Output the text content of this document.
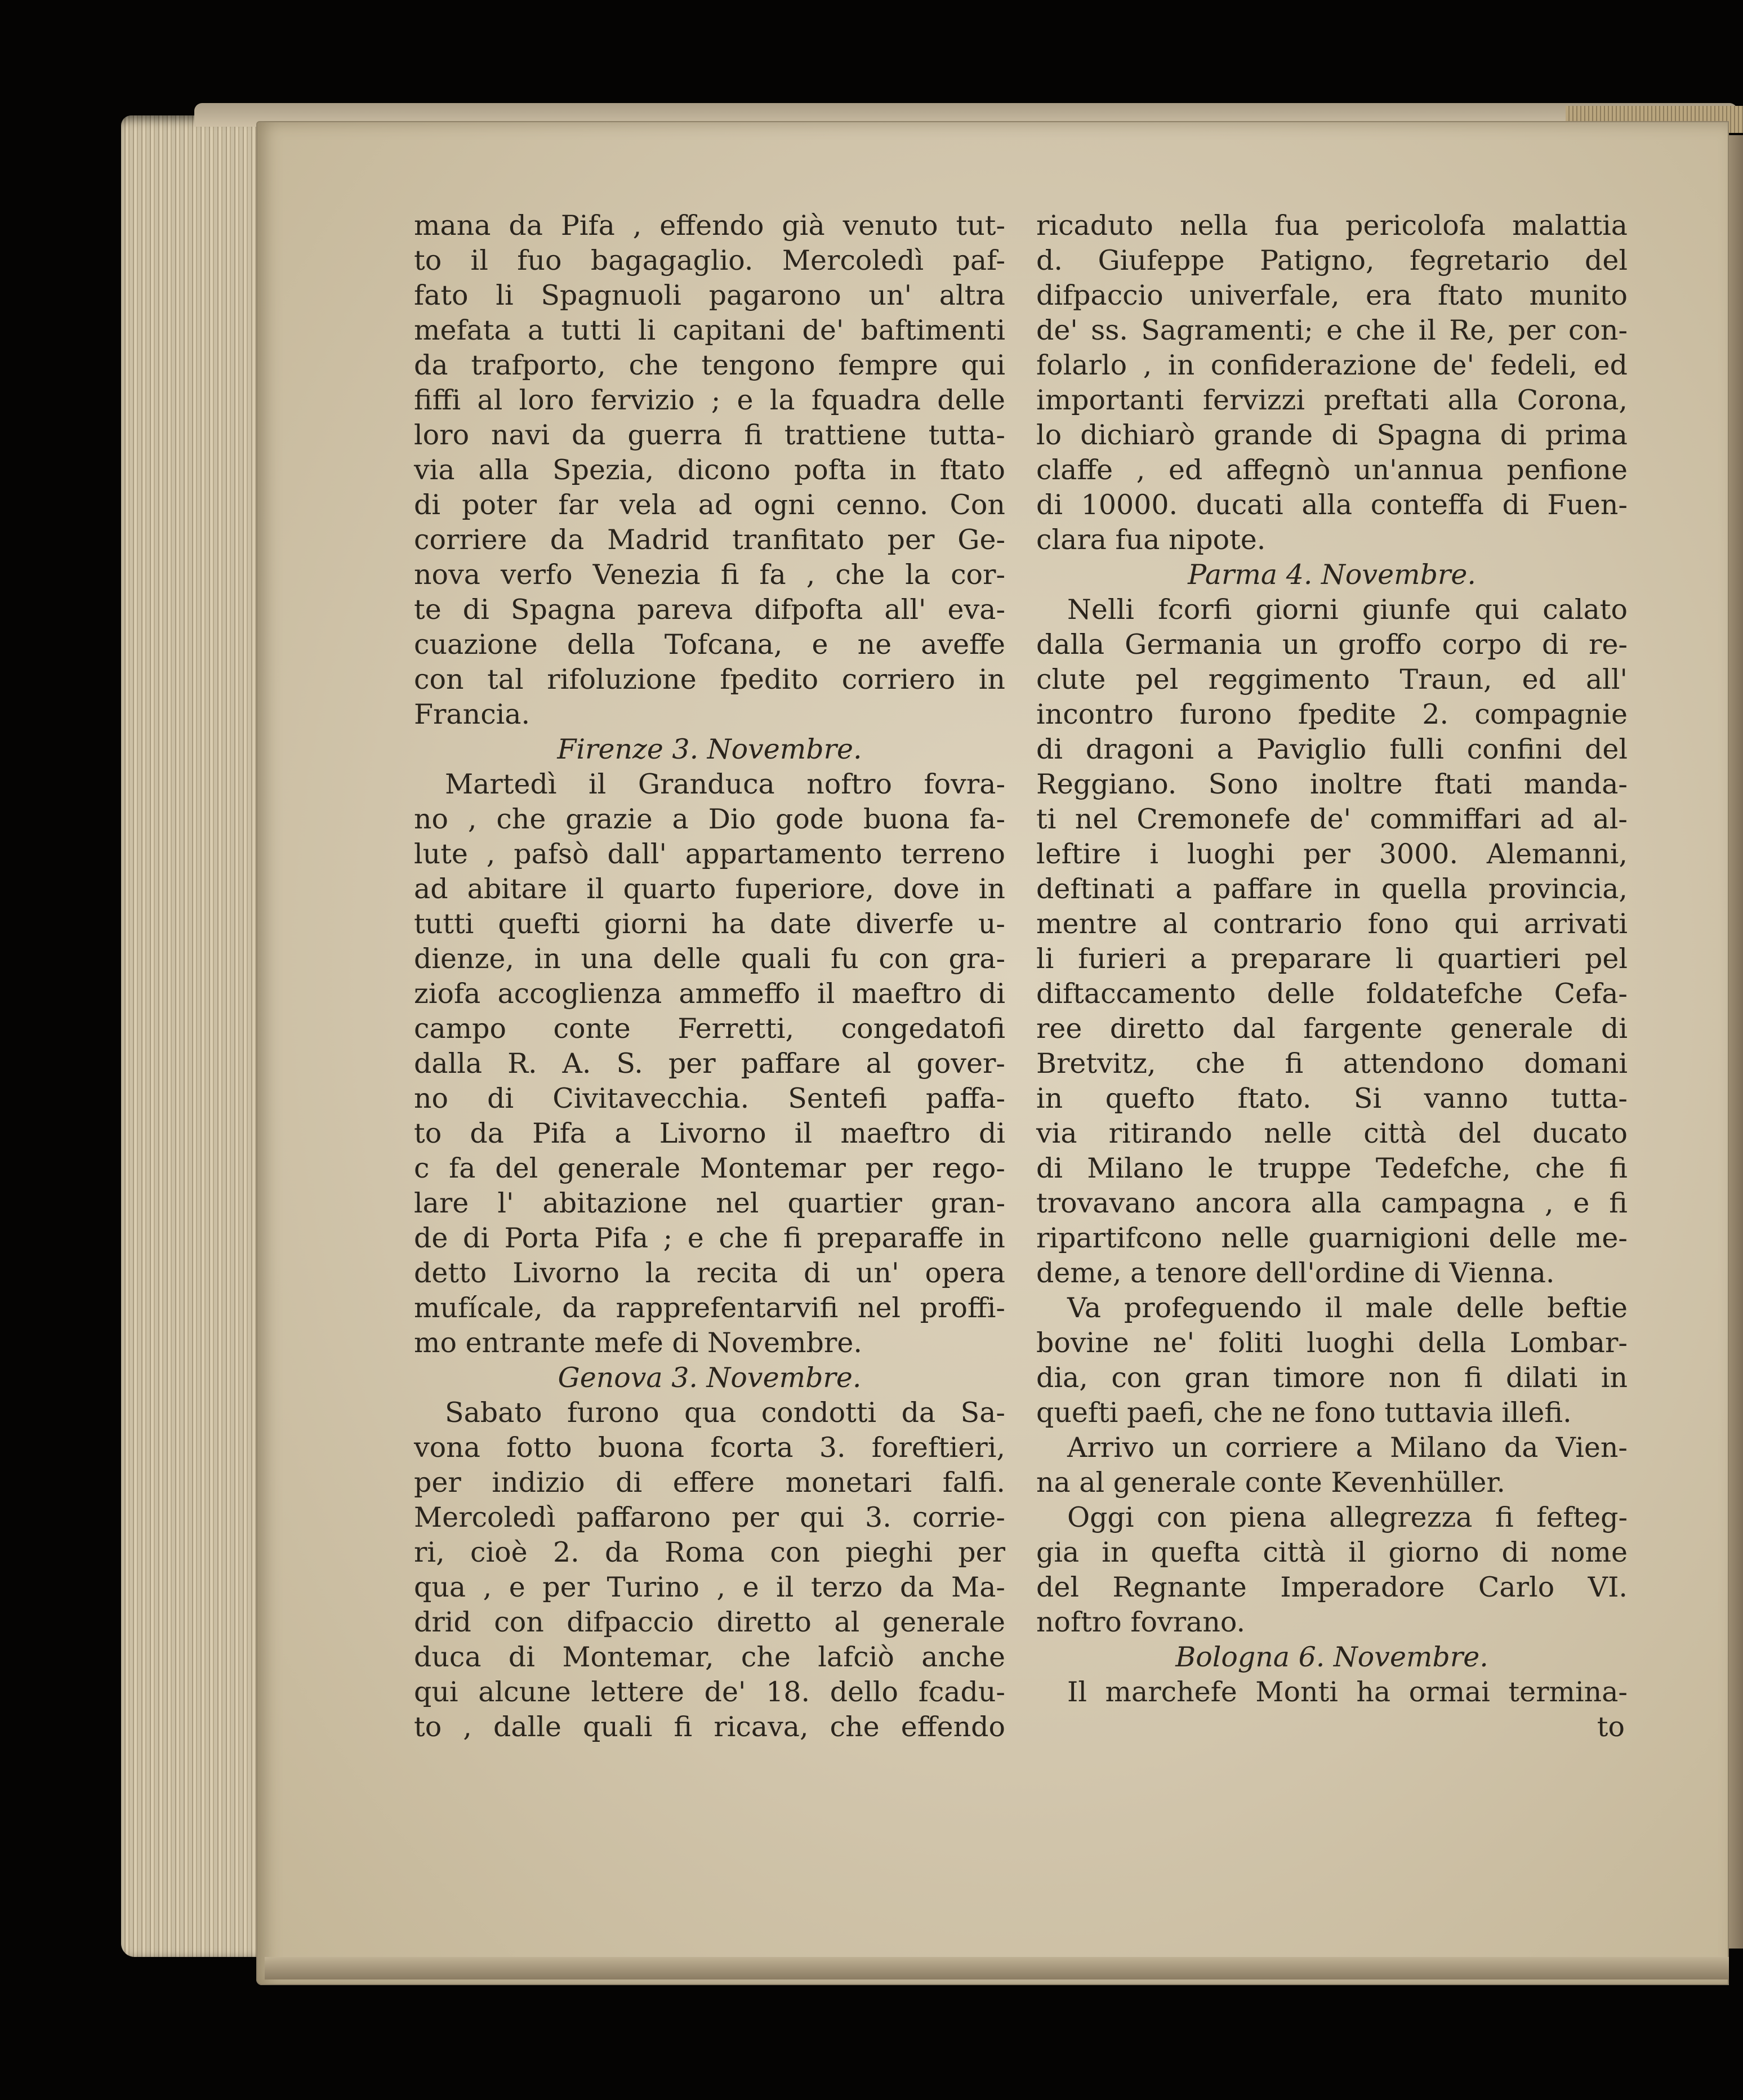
mana da Pifa , effendo già venuto tut-
to il fuo bagagaglio. Mercoledì paf-
fato li Spagnuoli pagarono un' altra
mefata a tutti li capitani de' baftimenti
da trafporto, che tengono fempre qui
fiffi al loro fervizio ; e la fquadra delle
loro navi da guerra fi trattiene tutta-
via alla Spezia, dicono pofta in ftato
di poter far vela ad ogni cenno. Con
corriere da Madrid tranfitato per Ge-
nova verfo Venezia fi fa , che la cor-
te di Spagna pareva difpofta all' eva-
cuazione della Tofcana, e ne aveffe
con tal rifoluzione fpedito corriero in
Francia.
Firenze 3. Novembre.
Martedì il Granduca noftro fovra-
no , che grazie a Dio gode buona fa-
lute , pafsò dall' appartamento terreno
ad abitare il quarto fuperiore, dove in
tutti quefti giorni ha date diverfe u-
dienze, in una delle quali fu con gra-
ziofa accoglienza ammeffo il maeftro di
campo conte Ferretti, congedatofi
dalla R. A. S. per paffare al gover-
no di Civitavecchia. Sentefi paffa-
to da Pifa a Livorno il maeftro di
c fa del generale Montemar per rego-
lare l' abitazione nel quartier gran-
de di Porta Pifa ; e che fi preparaffe in
detto Livorno la recita di un' opera
mufícale, da rapprefentarvifi nel proffi-
mo entrante mefe di Novembre.
Genova 3. Novembre.
Sabato furono qua condotti da Sa-
vona fotto buona fcorta 3. foreftieri,
per indizio di effere monetari falfi.
Mercoledì paffarono per qui 3. corrie-
ri, cioè 2. da Roma con pieghi per
qua , e per Turino , e il terzo da Ma-
drid con difpaccio diretto al generale
duca di Montemar, che lafciò anche
qui alcune lettere de' 18. dello fcadu-
to , dalle quali fi ricava, che effendo
ricaduto nella fua pericolofa malattia
d. Giufeppe Patigno, fegretario del
difpaccio univerfale, era ftato munito
de' ss. Sagramenti; e che il Re, per con-
folarlo , in confiderazione de' fedeli, ed
importanti fervizzi preftati alla Corona,
lo dichiarò grande di Spagna di prima
claffe , ed affegnò un'annua penfione
di 10000. ducati alla conteffa di Fuen-
clara fua nipote.
Parma 4. Novembre.
Nelli fcorfi giorni giunfe qui calato
dalla Germania un groffo corpo di re-
clute pel reggimento Traun, ed all'
incontro furono fpedite 2. compagnie
di dragoni a Paviglio fulli confini del
Reggiano. Sono inoltre ftati manda-
ti nel Cremonefe de' commiffari ad al-
leftire i luoghi per 3000. Alemanni,
deftinati a paffare in quella provincia,
mentre al contrario fono qui arrivati
li furieri a preparare li quartieri pel
diftaccamento delle foldatefche Cefa-
ree diretto dal fargente generale di
Bretvitz, che fi attendono domani
in quefto ftato. Si vanno tutta-
via ritirando nelle città del ducato
di Milano le truppe Tedefche, che fi
trovavano ancora alla campagna , e fi
ripartifcono nelle guarnigioni delle me-
deme, a tenore dell'ordine di Vienna.
Va profeguendo il male delle beftie
bovine ne' foliti luoghi della Lombar-
dia, con gran timore non fi dilati in
quefti paefi, che ne fono tuttavia illefi.
Arrivo un corriere a Milano da Vien-
na al generale conte Kevenhüller.
Oggi con piena allegrezza fi fefteg-
gia in quefta città il giorno di nome
del Regnante Imperadore Carlo VI.
noftro fovrano.
Bologna 6. Novembre.
Il marchefe Monti ha ormai termina-
to
